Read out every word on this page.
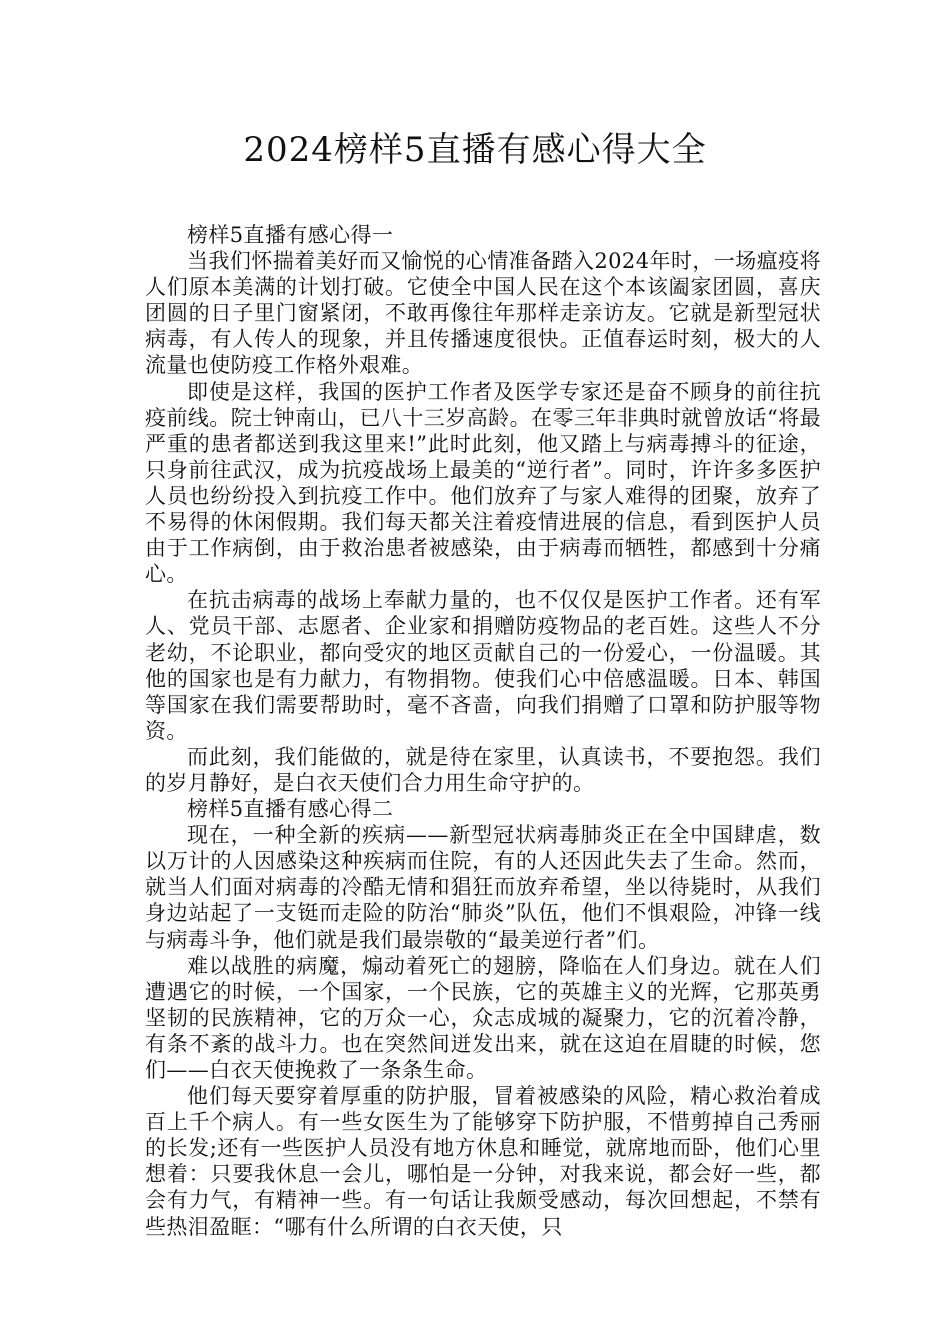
2024榜样5直播有感心得大全

榜样5直播有感心得一

当我们怀揣着美好而又愉悦的心情准备踏入2024年时，一场瘟疫将人们原本美满的计划打破。它使全中国人民在这个本该阖家团圆，喜庆团圆的日子里门窗紧闭，不敢再像往年那样走亲访友。它就是新型冠状病毒，有人传人的现象，并且传播速度很快。正值春运时刻，极大的人流量也使防疫工作格外艰难。

即使是这样，我国的医护工作者及医学专家还是奋不顾身的前往抗疫前线。院士钟南山，已八十三岁高龄。在零三年非典时就曾放话“将最严重的患者都送到我这里来!”此时此刻，他又踏上与病毒搏斗的征途，只身前往武汉，成为抗疫战场上最美的“逆行者”。同时，许许多多医护人员也纷纷投入到抗疫工作中。他们放弃了与家人难得的团聚，放弃了不易得的休闲假期。我们每天都关注着疫情进展的信息，看到医护人员由于工作病倒，由于救治患者被感染，由于病毒而牺牲，都感到十分痛心。

在抗击病毒的战场上奉献力量的，也不仅仅是医护工作者。还有军人、党员干部、志愿者、企业家和捐赠防疫物品的老百姓。这些人不分老幼，不论职业，都向受灾的地区贡献自己的一份爱心，一份温暖。其他的国家也是有力献力，有物捐物。使我们心中倍感温暖。日本、韩国等国家在我们需要帮助时，毫不吝啬，向我们捐赠了口罩和防护服等物资。

而此刻，我们能做的，就是待在家里，认真读书，不要抱怨。我们的岁月静好，是白衣天使们合力用生命守护的。

榜样5直播有感心得二

现在，一种全新的疾病——新型冠状病毒肺炎正在全中国肆虐，数以万计的人因感染这种疾病而住院，有的人还因此失去了生命。然而，就当人们面对病毒的冷酷无情和猖狂而放弃希望，坐以待毙时，从我们身边站起了一支铤而走险的防治“肺炎”队伍，他们不惧艰险，冲锋一线与病毒斗争，他们就是我们最崇敬的“最美逆行者”们。

难以战胜的病魔，煽动着死亡的翅膀，降临在人们身边。就在人们遭遇它的时候，一个国家，一个民族，它的英雄主义的光辉，它那英勇坚韧的民族精神，它的万众一心，众志成城的凝聚力，它的沉着冷静，有条不紊的战斗力。也在突然间迸发出来，就在这迫在眉睫的时候，您们——白衣天使挽救了一条条生命。

他们每天要穿着厚重的防护服，冒着被感染的风险，精心救治着成百上千个病人。有一些女医生为了能够穿下防护服，不惜剪掉自己秀丽的长发;还有一些医护人员没有地方休息和睡觉，就席地而卧，他们心里想着：只要我休息一会儿，哪怕是一分钟，对我来说，都会好一些，都会有力气，有精神一些。有一句话让我颇受感动，每次回想起，不禁有些热泪盈眶：“哪有什么所谓的白衣天使，只
